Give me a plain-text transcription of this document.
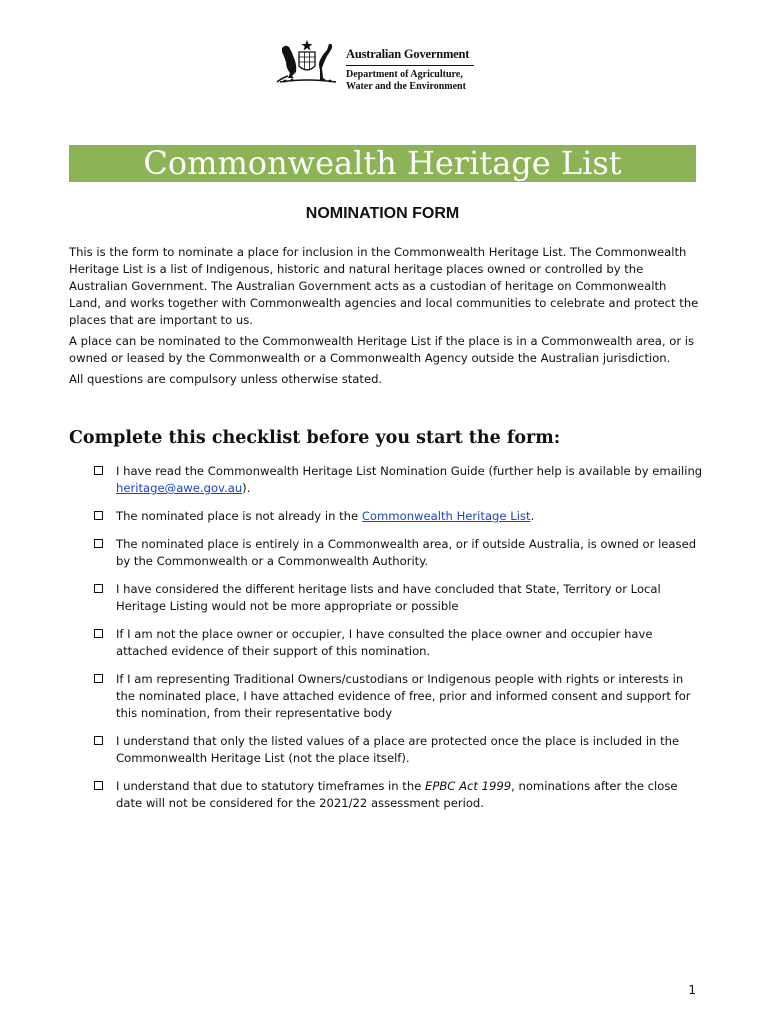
Australian Government
Department of Agriculture,
Water and the Environment
Commonwealth Heritage List
NOMINATION FORM

This is the form to nominate a place for inclusion in the Commonwealth Heritage List. The Commonwealth Heritage List is a list of Indigenous, historic and natural heritage places owned or controlled by the Australian Government. The Australian Government acts as a custodian of heritage on Commonwealth Land, and works together with Commonwealth agencies and local communities to celebrate and protect the places that are important to us.

A place can be nominated to the Commonwealth Heritage List if the place is in a Commonwealth area, or is owned or leased by the Commonwealth or a Commonwealth Agency outside the Australian jurisdiction.

All questions are compulsory unless otherwise stated.

Complete this checklist before you start the form:
I have read the Commonwealth Heritage List Nomination Guide (further help is available by emailing heritage@awe.gov.au).
The nominated place is not already in the Commonwealth Heritage List.
The nominated place is entirely in a Commonwealth area, or if outside Australia, is owned or leased by the Commonwealth or a Commonwealth Authority.
I have considered the different heritage lists and have concluded that State, Territory or Local Heritage Listing would not be more appropriate or possible
If I am not the place owner or occupier, I have consulted the place owner and occupier have attached evidence of their support of this nomination.
If I am representing Traditional Owners/custodians or Indigenous people with rights or interests in the nominated place, I have attached evidence of free, prior and informed consent and support for this nomination, from their representative body
I understand that only the listed values of a place are protected once the place is included in the Commonwealth Heritage List (not the place itself).
I understand that due to statutory timeframes in the EPBC Act 1999, nominations after the close date will not be considered for the 2021/22 assessment period.
1
